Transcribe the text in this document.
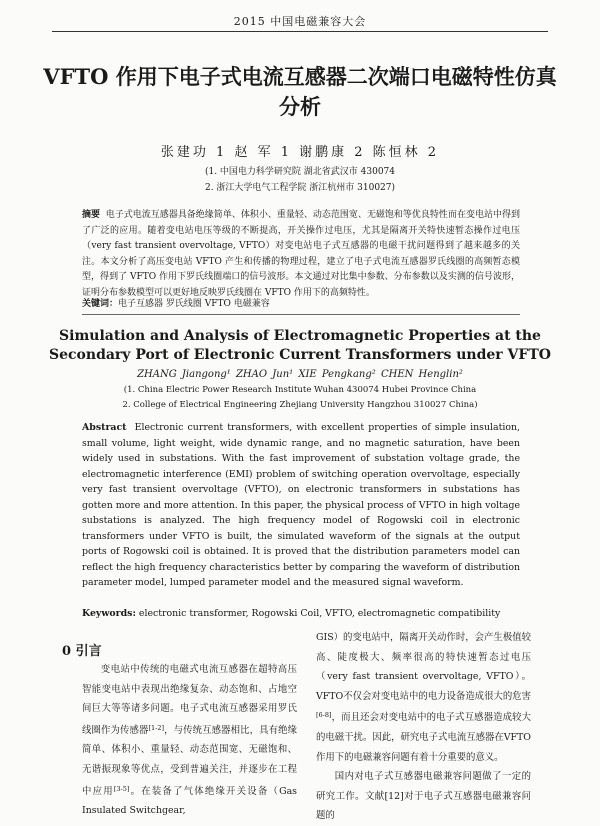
2015 中国电磁兼容大会
VFTO 作用下电子式电流互感器二次端口电磁特性仿真分析
张建功 1 赵 军 1 谢鹏康 2 陈恒林 2
(1. 中国电力科学研究院 湖北省武汉市 430074
2. 浙江大学电气工程学院 浙江杭州市 310027)
摘要 电子式电流互感器具备绝缘简单、体积小、重量轻、动态范围宽、无磁饱和等优良特性而在变电站中得到了广泛的应用。随着变电站电压等级的不断提高，开关操作过电压，尤其是隔离开关特快速暂态操作过电压（very fast transient overvoltage, VFTO）对变电站电子式互感器的电磁干扰问题得到了越来越多的关注。本文分析了高压变电站 VFTO 产生和传播的物理过程，建立了电子式电流互感器罗氏线圈的高频暂态模型，得到了 VFTO 作用下罗氏线圈端口的信号波形。本文通过对比集中参数、分布参数以及实测的信号波形，证明分布参数模型可以更好地反映罗氏线圈在 VFTO 作用下的高频特性。
关键词：电子互感器 罗氏线圈 VFTO 电磁兼容
Simulation and Analysis of Electromagnetic Properties at the Secondary Port of Electronic Current Transformers under VFTO
ZHANG Jiangong¹ ZHAO Jun¹ XIE Pengkang² CHEN Henglin²
(1. China Electric Power Research Institute Wuhan 430074 Hubei Province China
2. College of Electrical Engineering Zhejiang University Hangzhou 310027 China)
Abstract Electronic current transformers, with excellent properties of simple insulation, small volume, light weight, wide dynamic range, and no magnetic saturation, have been widely used in substations. With the fast improvement of substation voltage grade, the electromagnetic interference (EMI) problem of switching operation overvoltage, especially very fast transient overvoltage (VFTO), on electronic transformers in substations has gotten more and more attention. In this paper, the physical process of VFTO in high voltage substations is analyzed. The high frequency model of Rogowski coil in electronic transformers under VFTO is built, the simulated waveform of the signals at the output ports of Rogowski coil is obtained. It is proved that the distribution parameters model can reflect the high frequency characteristics better by comparing the waveform of distribution parameter model, lumped parameter model and the measured signal waveform.
Keywords: electronic transformer, Rogowski Coil, VFTO, electromagnetic compatibility
0 引言

变电站中传统的电磁式电流互感器在超特高压智能变电站中表现出绝缘复杂、动态饱和、占地空间巨大等等诸多问题。电子式电流互感器采用罗氏线圈作为传感器[1-2]，与传统互感器相比，具有绝缘简单、体积小、重量轻、动态范围宽、无磁饱和、无谐振现象等优点，受到普遍关注，并逐步在工程中应用[3-5]。在装备了气体绝缘开关设备（Gas Insulated Switchgear,

GIS）的变电站中，隔离开关动作时，会产生极值较高、陡度极大、频率很高的特快速暂态过电压（very fast transient overvoltage, VFTO）。VFTO不仅会对变电站中的电力设备造成很大的危害[6-8]，而且还会对变电站中的电子式互感器造成较大的电磁干扰。因此，研究电子式电流互感器在VFTO作用下的电磁兼容问题有着十分重要的意义。

国内对电子式互感器电磁兼容问题做了一定的研究工作。文献[12]对于电子式互感器电磁兼容问题的
